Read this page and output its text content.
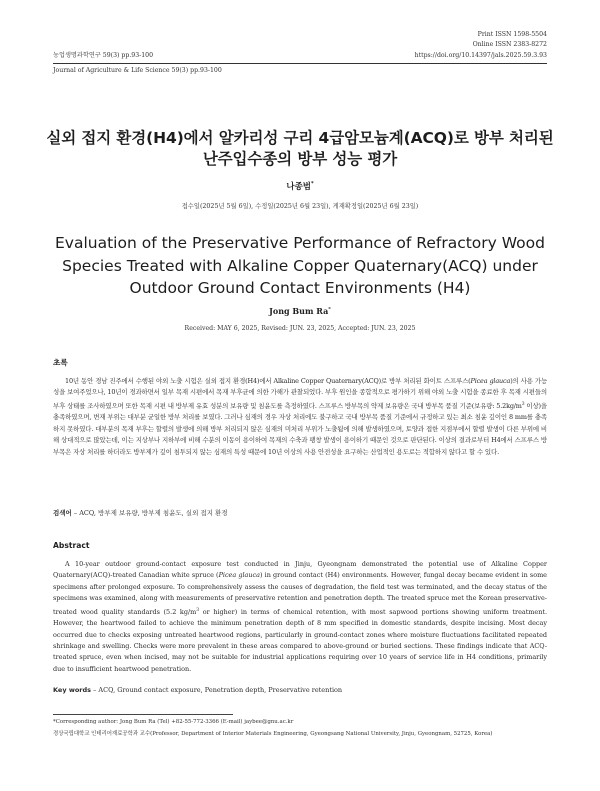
Print ISSN 1598-5504
Online ISSN 2383-8272
농업생명과학연구 59(3) pp.93-100	https://doi.org/10.14397/jals.2025.59.3.93
Journal of Agriculture & Life Science 59(3) pp.93-100
실외 접지 환경(H4)에서 알카리성 구리 4급암모늄계(ACQ)로 방부 처리된
난주입수종의 방부 성능 평가
나종범*
접수일(2025년 5월 6일), 수정일(2025년 6월 23일), 게재확정일(2025년 6월 23일)
Evaluation of the Preservative Performance of Refractory Wood
Species Treated with Alkaline Copper Quaternary(ACQ) under
Outdoor Ground Contact Environments (H4)
Jong Bum Ra*
Received: MAY 6, 2025, Revised: JUN. 23, 2025, Accepted: JUN. 23, 2025
초록
10년 동안 경남 진주에서 수행된 야외 노출 시험은 실외 접지 환경(H4)에서 Alkaline Copper Quaternary(ACQ)로 방부 처리된 화이트 스프루스(Picea glauca)의 사용 가능성을 보여주었으나, 10년이 경과하면서 일부 목재 시편에서 목재 부후균에 의한 가해가 관찰되었다. 부후 원인을 종합적으로 평가하기 위해 야외 노출 시험을 종료한 후 목재 시편들의 부후 상태를 조사하였으며 또한 목재 시편 내 방부제 유효 성분의 보유량 및 침윤도를 측정하였다. 스프루스 방부목의 약제 보유량은 국내 방부목 품질 기준(보유량: $5.2kg/m^3$ 이상)을 충족하였으며, 변재 부위는 대부분 균일한 방부 처리를 보였다. 그러나 심재의 경우 자상 처리에도 불구하고 국내 방부목 품질 기준에서 규정하고 있는 최소 침윤 깊이인 8 mm를 충족하지 못하였다. 대부분의 목재 부후는 할렬의 발생에 의해 방부 처리되지 않은 심재의 미처리 부위가 노출됨에 의해 발생하였으며, 토양과 접한 지점부에서 할렬 발생이 다른 부위에 비해 상대적으로 많았는데, 이는 지상부나 지하부에 비해 수분의 이동이 용이하여 목재의 수축과 팽창 발생이 용이하기 때문인 것으로 판단된다. 이상의 결과로부터 H4에서 스프루스 방부목은 자상 처리를 하더라도 방부제가 깊이 침투되지 않는 심재의 특성 때문에 10년 이상의 사용 안전성을 요구하는 산업적인 용도로는 적합하지 않다고 할 수 있다.
검색어 – ACQ, 방부제 보유량, 방부제 침윤도, 실외 접지 환경
Abstract
A 10-year outdoor ground-contact exposure test conducted in Jinju, Gyeongnam demonstrated the potential use of Alkaline Copper Quaternary(ACQ)-treated Canadian white spruce (Picea glauca) in ground contact (H4) environments. However, fungal decay became evident in some specimens after prolonged exposure. To comprehensively assess the causes of degradation, the field test was terminated, and the decay status of the specimens was examined, along with measurements of preservative retention and penetration depth. The treated spruce met the Korean preservative-treated wood quality standards (5.2 $kg/m^3$ or higher) in terms of chemical retention, with most sapwood portions showing uniform treatment. However, the heartwood failed to achieve the minimum penetration depth of 8 mm specified in domestic standards, despite incising. Most decay occurred due to checks exposing untreated heartwood regions, particularly in ground-contact zones where moisture fluctuations facilitated repeated shrinkage and swelling. Checks were more prevalent in these areas compared to above-ground or buried sections. These findings indicate that ACQ-treated spruce, even when incised, may not be suitable for industrial applications requiring over 10 years of service life in H4 conditions, primarily due to insufficient heartwood penetration.
Key words – ACQ, Ground contact exposure, Penetration depth, Preservative retention
*Corresponding author: Jong Bum Ra (Tel) +82-55-772-3366 (E-mail) jaybee@gnu.ac.kr
경상국립대학교 인테리어재료공학과 교수(Professor, Department of Interior Materials Engineering, Gyeongsang National University, Jinju, Gyeongnam, 52725, Korea)
